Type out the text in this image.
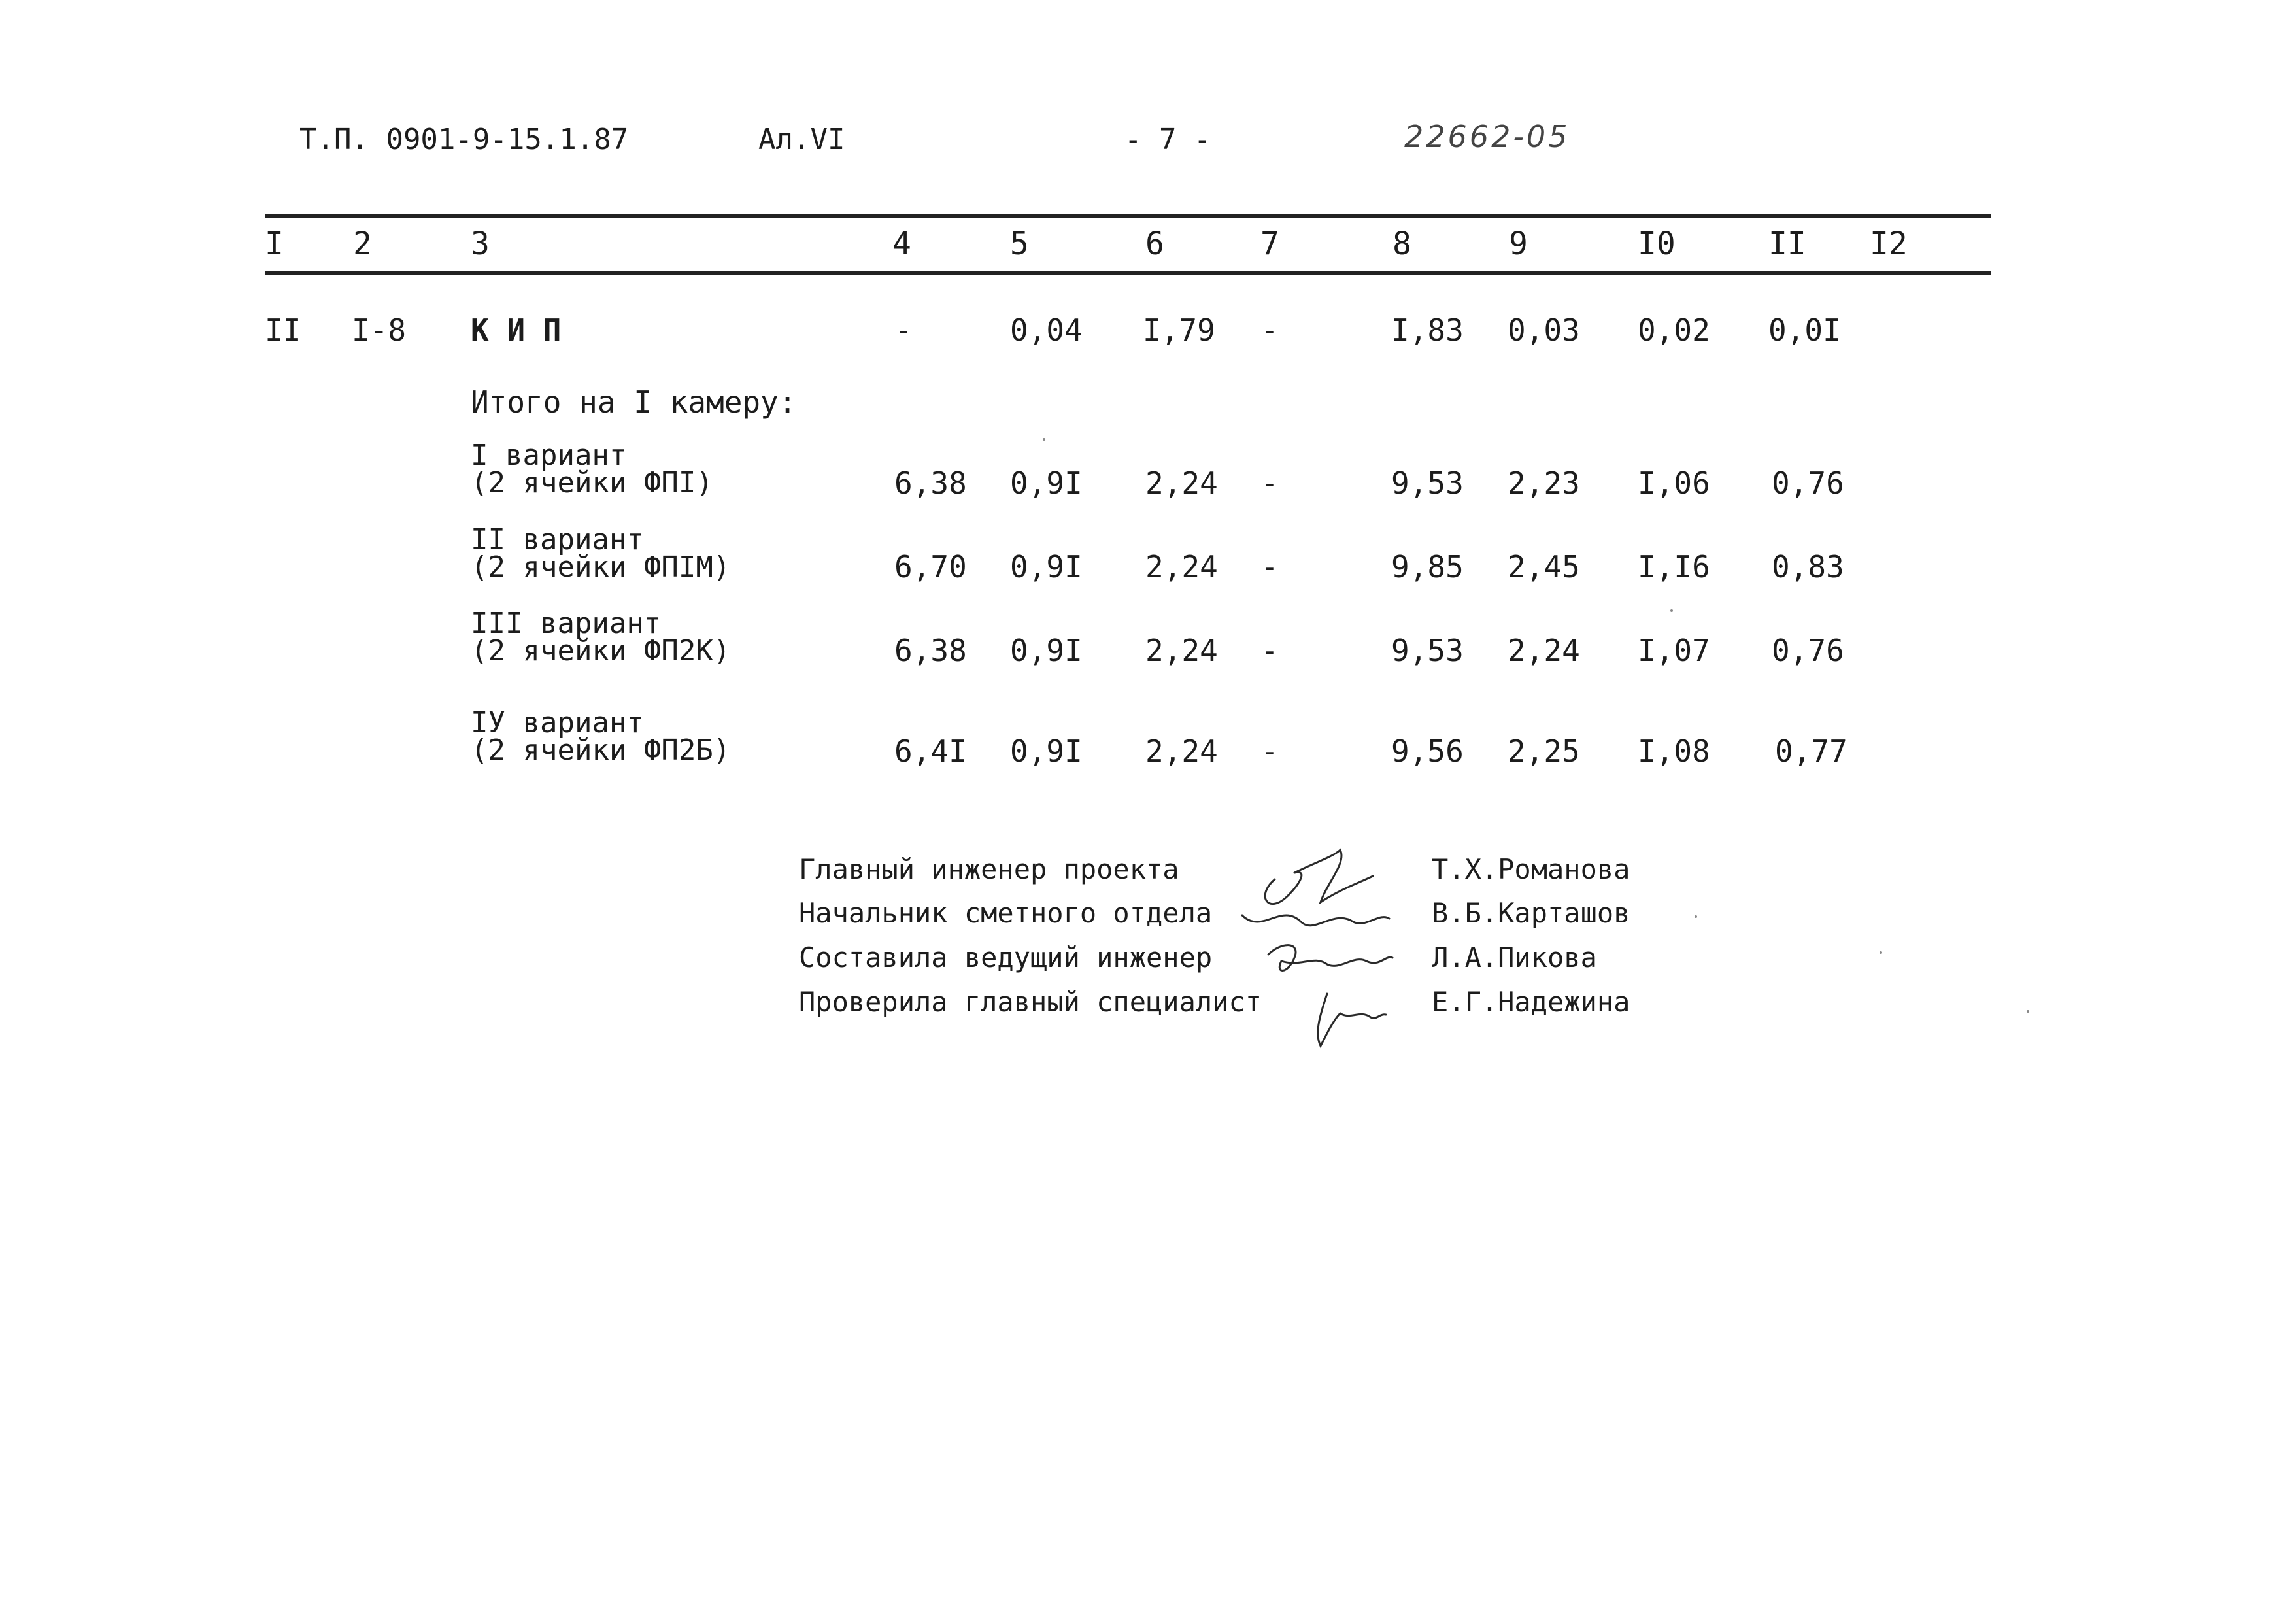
Т.П. 0901-9-15.1.87	Ал.VI	- 7 -	22662-05
I 2	3	4	5	6	7	8	9	I0	II I2
II I-8 К И П	-	0,04 I,79 -	I,83 0,03 0,02 0,0I
Итого на I камеру:
I вариант
(2 ячейки ФПI)	6,38 0,9I 2,24 -	9,53 2,23 I,06 0,76
II вариант
(2 ячейки ФПIМ)	6,70 0,9I 2,24 -	9,85 2,45 I,I6 0,83
III вариант
(2 ячейки ФП2К)	6,38 0,9I 2,24 -	9,53 2,24 I,07 0,76
IУ вариант
(2 ячейки ФП2Б)	6,4I 0,9I 2,24 -	9,56 2,25 I,08 0,77
Главный инженер проекта	Т.Х.Романова
Начальник сметного отдела	В.Б.Карташов
Составила ведущий инженер	Л.А.Пикова
Проверила главный специалист	Е.Г.Надежина
